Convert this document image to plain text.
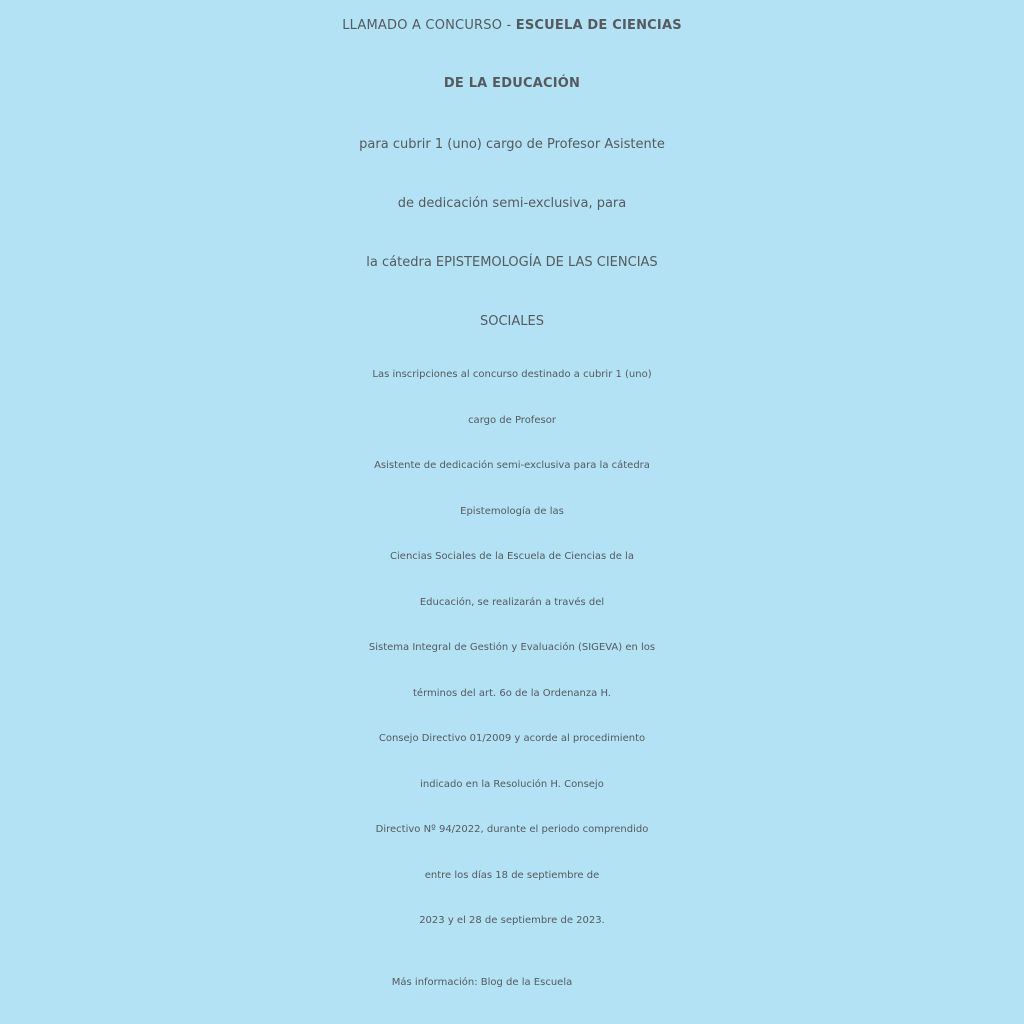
LLAMADO A CONCURSO - ESCUELA DE CIENCIAS
DE LA EDUCACIÓN
para cubrir 1 (uno) cargo de Profesor Asistente
de dedicación semi-exclusiva, para
la cátedra EPISTEMOLOGÍA DE LAS CIENCIAS
SOCIALES
Las inscripciones al concurso destinado a cubrir 1 (uno)
cargo de Profesor
Asistente de dedicación semi-exclusiva para la cátedra
Epistemología de las
Ciencias Sociales de la Escuela de Ciencias de la
Educación, se realizarán a través del
Sistema Integral de Gestión y Evaluación (SIGEVA) en los
términos del art. 6o de la Ordenanza H.
Consejo Directivo 01/2009 y acorde al procedimiento
indicado en la Resolución H. Consejo
Directivo Nº 94/2022, durante el periodo comprendido
entre los días 18 de septiembre de
2023 y el 28 de septiembre de 2023.
Más información: Blog de la Escuela
